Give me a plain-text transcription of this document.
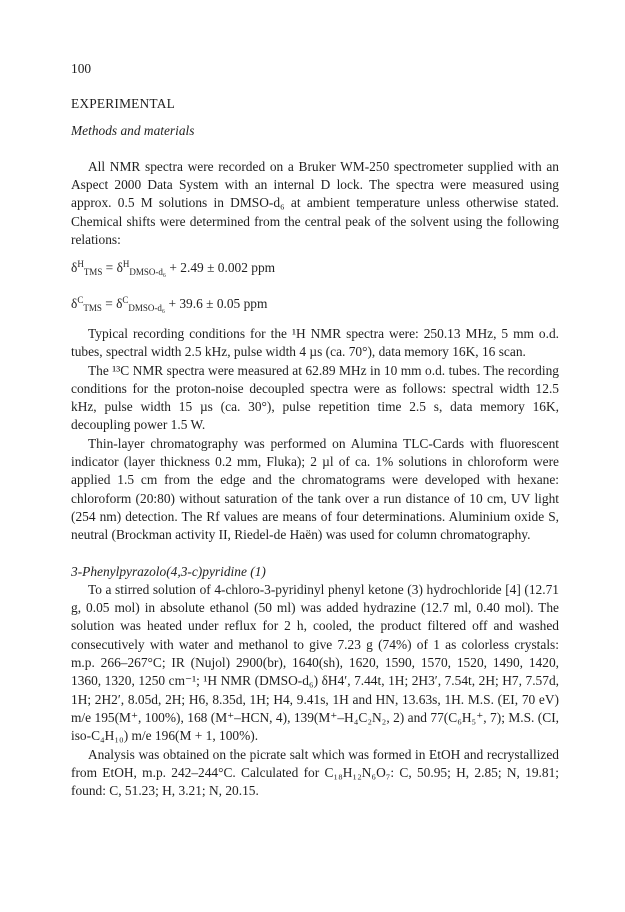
100
EXPERIMENTAL
Methods and materials

All NMR spectra were recorded on a Bruker WM-250 spectrometer supplied with an Aspect 2000 Data System with an internal D lock. The spectra were measured using approx. 0.5 M solutions in DMSO-d₆ at ambient temperature unless otherwise stated. Chemical shifts were determined from the central peak of the solvent using the following relations:

$\delta^H_{TMS} = \delta^H_{DMSO-d_6} + 2.49 \pm 0.002$ ppm
$\delta^C_{TMS} = \delta^C_{DMSO-d_6} + 39.6 \pm 0.05$ ppm

Typical recording conditions for the ¹H NMR spectra were: 250.13 MHz, 5 mm o.d. tubes, spectral width 2.5 kHz, pulse width 4 µs (ca. 70°), data memory 16K, 16 scan.

The ¹³C NMR spectra were measured at 62.89 MHz in 10 mm o.d. tubes. The recording conditions for the proton-noise decoupled spectra were as follows: spectral width 12.5 kHz, pulse width 15 µs (ca. 30°), pulse repetition time 2.5 s, data memory 16K, decoupling power 1.5 W.

Thin-layer chromatography was performed on Alumina TLC-Cards with fluorescent indicator (layer thickness 0.2 mm, Fluka); 2 µl of ca. 1% solutions in chloroform were applied 1.5 cm from the edge and the chromatograms were developed with hexane: chloroform (20:80) without saturation of the tank over a run distance of 10 cm, UV light (254 nm) detection. The Rf values are means of four determinations. Aluminium oxide S, neutral (Brockman activity II, Riedel-de Haën) was used for column chromatography.

3-Phenylpyrazolo(4,3-c)pyridine (1)

To a stirred solution of 4-chloro-3-pyridinyl phenyl ketone (3) hydrochloride [4] (12.71 g, 0.05 mol) in absolute ethanol (50 ml) was added hydrazine (12.7 ml, 0.40 mol). The solution was heated under reflux for 2 h, cooled, the product filtered off and washed consecutively with water and methanol to give 7.23 g (74%) of 1 as colorless crystals: m.p. 266–267°C; IR (Nujol) 2900(br), 1640(sh), 1620, 1590, 1570, 1520, 1490, 1420, 1360, 1320, 1250 cm⁻¹; ¹H NMR (DMSO-d₆) δH4′, 7.44t, 1H; 2H3′, 7.54t, 2H; H7, 7.57d, 1H; 2H2′, 8.05d, 2H; H6, 8.35d, 1H; H4, 9.41s, 1H and HN, 13.63s, 1H. M.S. (EI, 70 eV) m/e 195(M⁺, 100%), 168 (M⁺–HCN, 4), 139(M⁺–H₄C₂N₂, 2) and 77(C₆H₅⁺, 7); M.S. (CI, iso-C₄H₁₀) m/e 196(M + 1, 100%).

Analysis was obtained on the picrate salt which was formed in EtOH and recrystallized from EtOH, m.p. 242–244°C. Calculated for C₁₈H₁₂N₆O₇: C, 50.95; H, 2.85; N, 19.81; found: C, 51.23; H, 3.21; N, 20.15.
